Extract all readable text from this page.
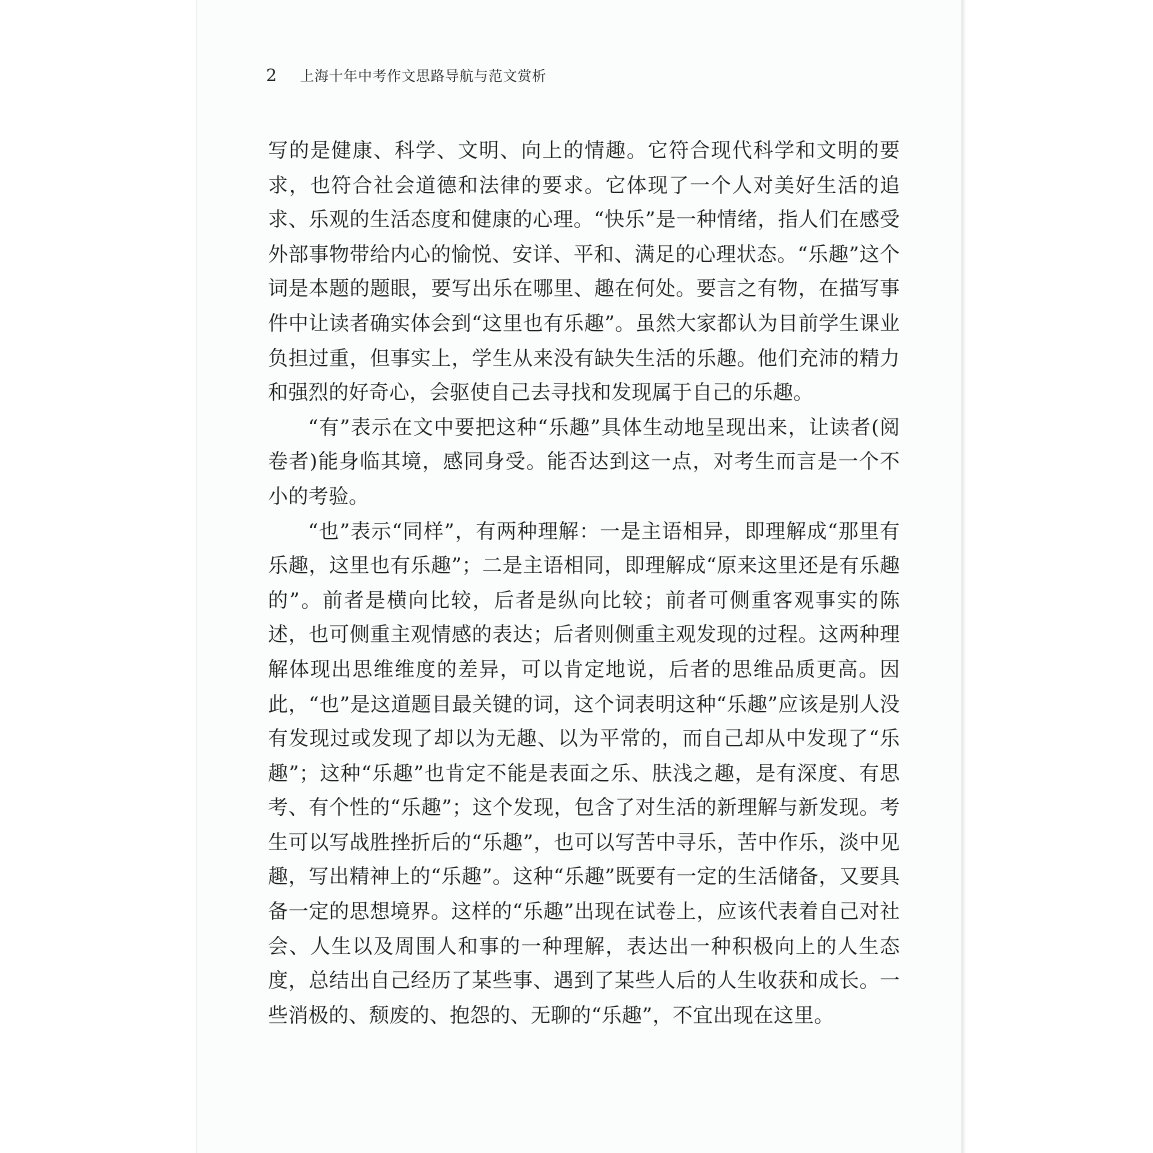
2	上海十年中考作文思路导航与范文赏析

写的是健康、科学、文明、向上的情趣。它符合现代科学和文明的要求，也符合社会道德和法律的要求。它体现了一个人对美好生活的追求、乐观的生活态度和健康的心理。“快乐”是一种情绪，指人们在感受外部事物带给内心的愉悦、安详、平和、满足的心理状态。“乐趣”这个词是本题的题眼，要写出乐在哪里、趣在何处。要言之有物，在描写事件中让读者确实体会到“这里也有乐趣”。虽然大家都认为目前学生课业负担过重，但事实上，学生从来没有缺失生活的乐趣。他们充沛的精力和强烈的好奇心，会驱使自己去寻找和发现属于自己的乐趣。

“有”表示在文中要把这种“乐趣”具体生动地呈现出来，让读者(阅卷者)能身临其境，感同身受。能否达到这一点，对考生而言是一个不小的考验。

“也”表示“同样”，有两种理解：一是主语相异，即理解成“那里有乐趣，这里也有乐趣”；二是主语相同，即理解成“原来这里还是有乐趣的”。前者是横向比较，后者是纵向比较；前者可侧重客观事实的陈述，也可侧重主观情感的表达；后者则侧重主观发现的过程。这两种理解体现出思维维度的差异，可以肯定地说，后者的思维品质更高。因此，“也”是这道题目最关键的词，这个词表明这种“乐趣”应该是别人没有发现过或发现了却以为无趣、以为平常的，而自己却从中发现了“乐趣”；这种“乐趣”也肯定不能是表面之乐、肤浅之趣，是有深度、有思考、有个性的“乐趣”；这个发现，包含了对生活的新理解与新发现。考生可以写战胜挫折后的“乐趣”，也可以写苦中寻乐，苦中作乐，淡中见趣，写出精神上的“乐趣”。这种“乐趣”既要有一定的生活储备，又要具备一定的思想境界。这样的“乐趣”出现在试卷上，应该代表着自己对社会、人生以及周围人和事的一种理解，表达出一种积极向上的人生态度，总结出自己经历了某些事、遇到了某些人后的人生收获和成长。一些消极的、颓废的、抱怨的、无聊的“乐趣”，不宜出现在这里。
